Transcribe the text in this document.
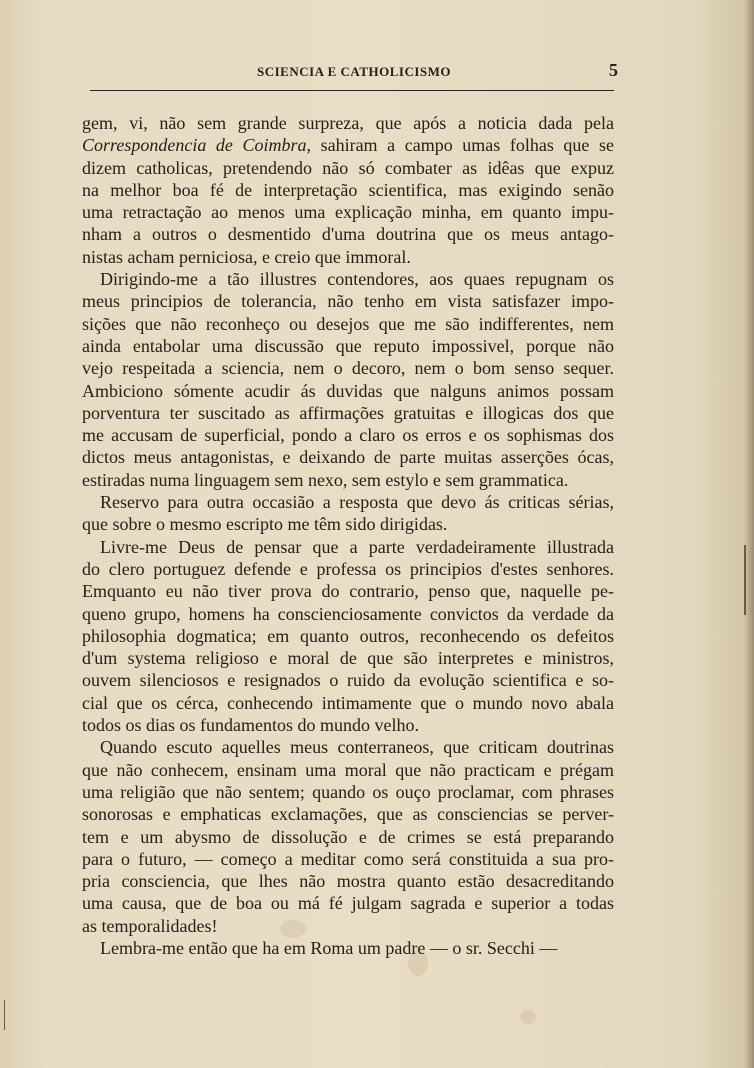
SCIENCIA E CATHOLICISMO	5

gem, vi, não sem grande surpreza, que após a noticia dada pela
Correspondencia de Coimbra, sahiram a campo umas folhas que se
dizem catholicas, pretendendo não só combater as idêas que expuz
na melhor boa fé de interpretação scientifica, mas exigindo senão
uma retractação ao menos uma explicação minha, em quanto impu-
nham a outros o desmentido d'uma doutrina que os meus antago-
nistas acham perniciosa, e creio que immoral.

Dirigindo-me a tão illustres contendores, aos quaes repugnam os
meus principios de tolerancia, não tenho em vista satisfazer impo-
sições que não reconheço ou desejos que me são indifferentes, nem
ainda entabolar uma discussão que reputo impossivel, porque não
vejo respeitada a sciencia, nem o decoro, nem o bom senso sequer.
Ambiciono sómente acudir ás duvidas que nalguns animos possam
porventura ter suscitado as affirmações gratuitas e illogicas dos que
me accusam de superficial, pondo a claro os erros e os sophismas dos
dictos meus antagonistas, e deixando de parte muitas asserções ócas,
estiradas numa linguagem sem nexo, sem estylo e sem grammatica.

Reservo para outra occasião a resposta que devo ás criticas sérias,
que sobre o mesmo escripto me têm sido dirigidas.

Livre-me Deus de pensar que a parte verdadeiramente illustrada
do clero portuguez defende e professa os principios d'estes senhores.
Emquanto eu não tiver prova do contrario, penso que, naquelle pe-
queno grupo, homens ha conscienciosamente convictos da verdade da
philosophia dogmatica; em quanto outros, reconhecendo os defeitos
d'um systema religioso e moral de que são interpretes e ministros,
ouvem silenciosos e resignados o ruido da evolução scientifica e so-
cial que os cérca, conhecendo intimamente que o mundo novo abala
todos os dias os fundamentos do mundo velho.

Quando escuto aquelles meus conterraneos, que criticam doutrinas
que não conhecem, ensinam uma moral que não practicam e prégam
uma religião que não sentem; quando os ouço proclamar, com phrases
sonorosas e emphaticas exclamações, que as consciencias se perver-
tem e um abysmo de dissolução e de crimes se está preparando
para o futuro, — começo a meditar como será constituida a sua pro-
pria consciencia, que lhes não mostra quanto estão desacreditando
uma causa, que de boa ou má fé julgam sagrada e superior a todas
as temporalidades!

Lembra-me então que ha em Roma um padre — o sr. Secchi —
